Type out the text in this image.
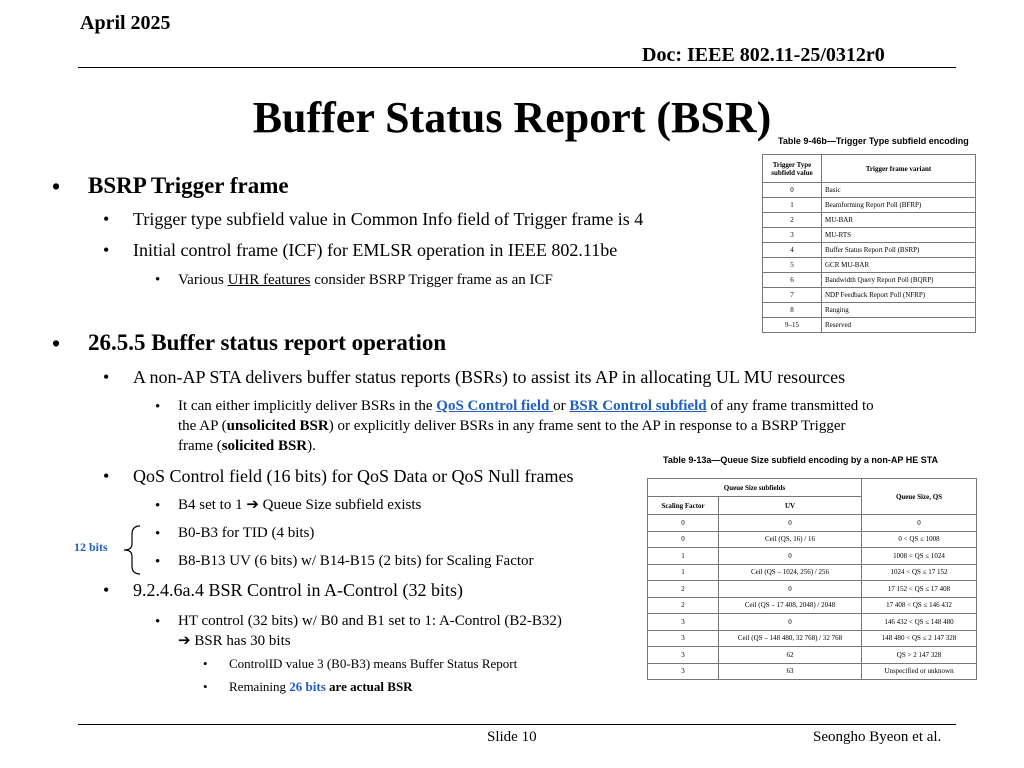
April 2025
Doc: IEEE 802.11-25/0312r0
Buffer Status Report (BSR)
• BSRP Trigger frame
• Trigger type subfield value in Common Info field of Trigger frame is 4
• Initial control frame (ICF) for EMLSR operation in IEEE 802.11be
• Various UHR features consider BSRP Trigger frame as an ICF
• 26.5.5 Buffer status report operation
• A non-AP STA delivers buffer status reports (BSRs) to assist its AP in allocating UL MU resources
• It can either implicitly deliver BSRs in the QoS Control field or BSR Control subfield of any frame transmitted to
the AP (unsolicited BSR) or explicitly deliver BSRs in any frame sent to the AP in response to a BSRP Trigger
frame (solicited BSR).
• QoS Control field (16 bits) for QoS Data or QoS Null frames
• B4 set to 1 ➔ Queue Size subfield exists
• B0-B3 for TID (4 bits)
• B8-B13 UV (6 bits) w/ B14-B15 (2 bits) for Scaling Factor
12 bits
• 9.2.4.6a.4 BSR Control in A-Control (32 bits)
• HT control (32 bits) w/ B0 and B1 set to 1: A-Control (B2-B32)
➔ BSR has 30 bits
• ControlID value 3 (B0-B3) means Buffer Status Report
• Remaining 26 bits are actual BSR
Table 9-46b—Trigger Type subfield encoding
Trigger Type subfield value	Trigger frame variant
0	Basic
1	Beamforming Report Poll (BFRP)
2	MU-BAR
3	MU-RTS
4	Buffer Status Report Poll (BSRP)
5	GCR MU-BAR
6	Bandwidth Query Report Poll (BQRP)
7	NDP Feedback Report Poll (NFRP)
8	Ranging
9–15	Reserved
Table 9-13a—Queue Size subfield encoding by a non-AP HE STA
Queue Size subfields		Queue Size, QS
Scaling Factor	UV	
0	0	0
0	Ceil (QS, 16) / 16	0 < QS ≤ 1008
1	0	1008 < QS ≤ 1024
1	Ceil (QS – 1024, 256) / 256	1024 < QS ≤ 17 152
2	0	17 152 < QS ≤ 17 408
2	Ceil (QS – 17 408, 2048) / 2048	17 408 < QS ≤ 146 432
3	0	146 432 < QS ≤ 148 480
3	Ceil (QS – 148 480, 32 768) / 32 768	148 480 < QS ≤ 2 147 328
3	62	QS > 2 147 328
3	63	Unspecified or unknown
Slide 10	Seongho Byeon et al.
